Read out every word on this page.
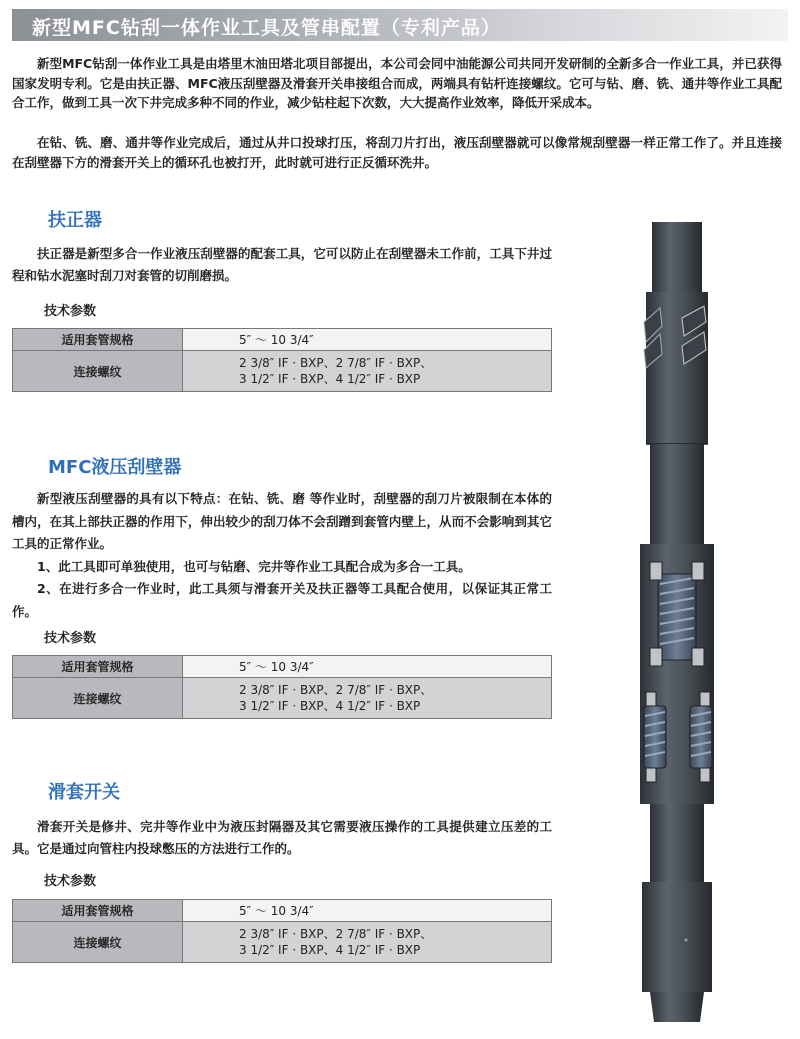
新型MFC钻刮一体作业工具及管串配置（专利产品）

新型MFC钻刮一体作业工具是由塔里木油田塔北项目部提出，本公司会同中油能源公司共同开发研制的全新多合一作业工具，并已获得国家发明专利。它是由扶正器、MFC液压刮壁器及滑套开关串接组合而成，两端具有钻杆连接螺纹。它可与钻、磨、铣、通井等作业工具配合工作，做到工具一次下井完成多种不同的作业，减少钻柱起下次数，大大提高作业效率，降低开采成本。

在钻、铣、磨、通井等作业完成后，通过从井口投球打压，将刮刀片打出，液压刮壁器就可以像常规刮壁器一样正常工作了。并且连接在刮壁器下方的滑套开关上的循环孔也被打开，此时就可进行正反循环洗井。

扶正器

扶正器是新型多合一作业液压刮壁器的配套工具，它可以防止在刮壁器未工作前，工具下井过程和钻水泥塞时刮刀对套管的切削磨损。

技术参数
适用套管规格	5″ ～ 10 3/4″
连接螺纹	2 3/8″ IF · BXP、2 7/8″ IF · BXP、
3 1/2″ IF · BXP、4 1/2″ IF · BXP
MFC液压刮壁器

新型液压刮壁器的具有以下特点：在钻、铣、磨 等作业时，刮壁器的刮刀片被限制在本体的槽内，在其上部扶正器的作用下，伸出较少的刮刀体不会刮蹭到套管内壁上，从而不会影响到其它工具的正常作业。

1、此工具即可单独使用，也可与钻磨、完井等作业工具配合成为多合一工具。

2、在进行多合一作业时，此工具须与滑套开关及扶正器等工具配合使用，以保证其正常工作。

技术参数
适用套管规格	5″ ～ 10 3/4″
连接螺纹	2 3/8″ IF · BXP、2 7/8″ IF · BXP、
3 1/2″ IF · BXP、4 1/2″ IF · BXP
滑套开关

滑套开关是修井、完井等作业中为液压封隔器及其它需要液压操作的工具提供建立压差的工具。它是通过向管柱内投球憋压的方法进行工作的。

技术参数
适用套管规格	5″ ～ 10 3/4″
连接螺纹	2 3/8″ IF · BXP、2 7/8″ IF · BXP、
3 1/2″ IF · BXP、4 1/2″ IF · BXP
